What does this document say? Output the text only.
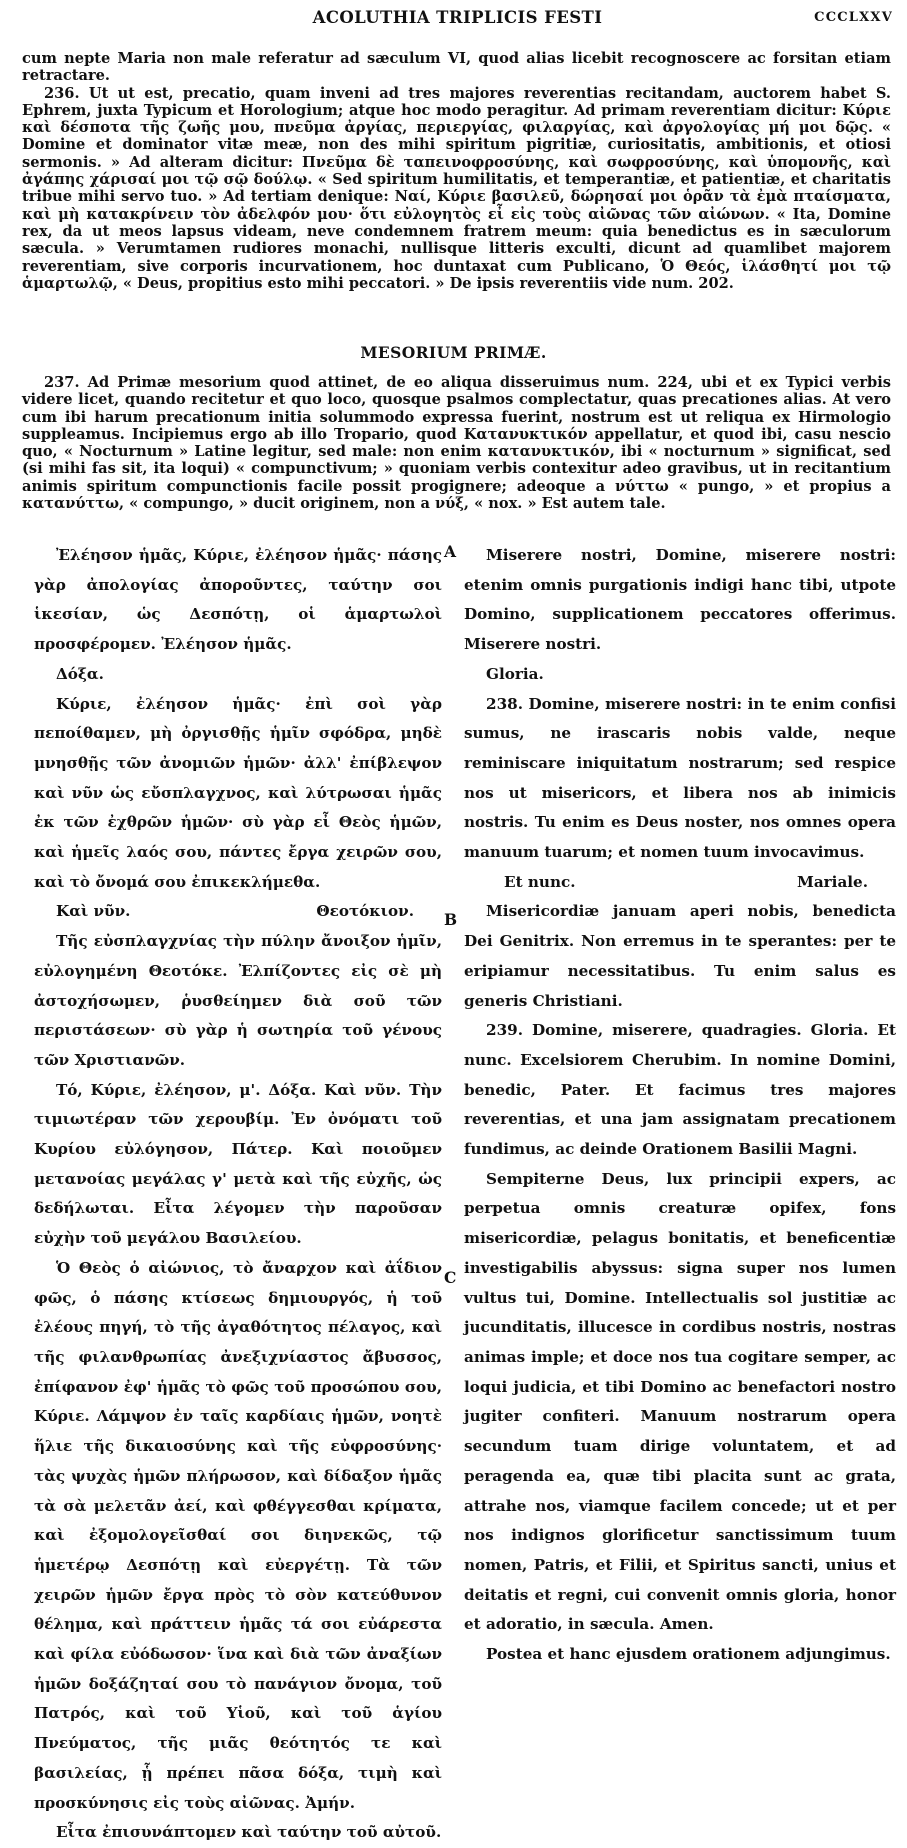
ACOLUTHIA TRIPLICIS FESTI	CCCLXXV

cum nepte Maria non male referatur ad sæculum VI, quod alias licebit recognoscere ac forsitan etiam retractare.

236. Ut ut est, precatio, quam inveni ad tres majores reverentias recitandam, auctorem habet S. Ephrem, juxta Typicum et Horologium; atque hoc modo peragitur. Ad primam reverentiam dicitur: Κύριε καὶ δέσποτα τῆς ζωῆς μου, πνεῦμα ἀργίας, περιεργίας, φιλαργίας, καὶ ἀργολογίας μή μοι δῷς. « Domine et dominator vitæ meæ, non des mihi spiritum pigritiæ, curiositatis, ambitionis, et otiosi sermonis. » Ad alteram dicitur: Πνεῦμα δὲ ταπεινοφροσύνης, καὶ σωφροσύνης, καὶ ὑπομονῆς, καὶ ἀγάπης χάρισαί μοι τῷ σῷ δούλῳ. « Sed spiritum humilitatis, et temperantiæ, et patientiæ, et charitatis tribue mihi servo tuo. » Ad tertiam denique: Ναί, Κύριε βασιλεῦ, δώρησαί μοι ὁρᾶν τὰ ἐμὰ πταίσματα, καὶ μὴ κατακρίνειν τὸν ἀδελφόν μου· ὅτι εὐλογητὸς εἶ εἰς τοὺς αἰῶνας τῶν αἰώνων. « Ita, Domine rex, da ut meos lapsus videam, neve condemnem fratrem meum: quia benedictus es in sæculorum sæcula. » Verumtamen rudiores monachi, nullisque litteris exculti, dicunt ad quamlibet majorem reverentiam, sive corporis incurvationem, hoc duntaxat cum Publicano, Ὁ Θεός, ἱλάσθητί μοι τῷ ἁμαρτωλῷ, « Deus, propitius esto mihi peccatori. » De ipsis reverentiis vide num. 202.

MESORIUM PRIMÆ.

237. Ad Primæ mesorium quod attinet, de eo aliqua disseruimus num. 224, ubi et ex Typici verbis videre licet, quando recitetur et quo loco, quosque psalmos complectatur, quas precationes alias. At vero cum ibi harum precationum initia solummodo expressa fuerint, nostrum est ut reliqua ex Hirmologio suppleamus. Incipiemus ergo ab illo Tropario, quod Κατανυκτικόν appellatur, et quod ibi, casu nescio quo, « Nocturnum » Latine legitur, sed male: non enim κατανυκτικόν, ibi « nocturnum » significat, sed (si mihi fas sit, ita loqui) « compunctivum; » quoniam verbis contexitur adeo gravibus, ut in recitantium animis spiritum compunctionis facile possit progignere; adeoque a νύττω « pungo, » et propius a κατανύττω, « compungo, » ducit originem, non a νύξ, « nox. » Est autem tale.

Ἐλέησον ἡμᾶς, Κύριε, ἐλέησον ἡμᾶς· πάσης γὰρ ἀπολογίας ἀποροῦντες, ταύτην σοι ἱκεσίαν, ὡς Δεσπότῃ, οἱ ἁμαρτωλοὶ προσφέρομεν. Ἐλέησον ἡμᾶς.

Δόξα.

Κύριε, ἐλέησον ἡμᾶς· ἐπὶ σοὶ γὰρ πεποίθαμεν, μὴ ὀργισθῇς ἡμῖν σφόδρα, μηδὲ μνησθῇς τῶν ἀνομιῶν ἡμῶν· ἀλλ' ἐπίβλεψον καὶ νῦν ὡς εὔσπλαγχνος, καὶ λύτρωσαι ἡμᾶς ἐκ τῶν ἐχθρῶν ἡμῶν· σὺ γὰρ εἶ Θεὸς ἡμῶν, καὶ ἡμεῖς λαός σου, πάντες ἔργα χειρῶν σου, καὶ τὸ ὄνομά σου ἐπικεκλήμεθα.

Καὶ νῦν.	Θεοτόκιον.

Τῆς εὐσπλαγχνίας τὴν πύλην ἄνοιξον ἡμῖν, εὐλογημένη Θεοτόκε. Ἐλπίζοντες εἰς σὲ μὴ ἀστοχήσωμεν, ῥυσθείημεν διὰ σοῦ τῶν περιστάσεων· σὺ γὰρ ἡ σωτηρία τοῦ γένους τῶν Χριστιανῶν.

Τό, Κύριε, ἐλέησον, μ'. Δόξα. Καὶ νῦν. Τὴν τιμιωτέραν τῶν χερουβίμ. Ἐν ὀνόματι τοῦ Κυρίου εὐλόγησον, Πάτερ. Καὶ ποιοῦμεν μετανοίας μεγάλας γ' μετὰ καὶ τῆς εὐχῆς, ὡς δεδήλωται. Εἶτα λέγομεν τὴν παροῦσαν εὐχὴν τοῦ μεγάλου Βασιλείου.

Ὁ Θεὸς ὁ αἰώνιος, τὸ ἄναρχον καὶ ἀΐδιον φῶς, ὁ πάσης κτίσεως δημιουργός, ἡ τοῦ ἐλέους πηγή, τὸ τῆς ἀγαθότητος πέλαγος, καὶ τῆς φιλανθρωπίας ἀνεξιχνίαστος ἄβυσσος, ἐπίφανον ἐφ' ἡμᾶς τὸ φῶς τοῦ προσώπου σου, Κύριε. Λάμψον ἐν ταῖς καρδίαις ἡμῶν, νοητὲ ἥλιε τῆς δικαιοσύνης καὶ τῆς εὐφροσύνης· τὰς ψυχὰς ἡμῶν πλήρωσον, καὶ δίδαξον ἡμᾶς τὰ σὰ μελετᾶν ἀεί, καὶ φθέγγεσθαι κρίματα, καὶ ἐξομολογεῖσθαί σοι διηνεκῶς, τῷ ἡμετέρῳ Δεσπότῃ καὶ εὐεργέτῃ. Τὰ τῶν χειρῶν ἡμῶν ἔργα πρὸς τὸ σὸν κατεύθυνον θέλημα, καὶ πράττειν ἡμᾶς τά σοι εὐάρεστα καὶ φίλα εὐόδωσον· ἵνα καὶ διὰ τῶν ἀναξίων ἡμῶν δοξάζηταί σου τὸ πανάγιον ὄνομα, τοῦ Πατρός, καὶ τοῦ Υἱοῦ, καὶ τοῦ ἁγίου Πνεύματος, τῆς μιᾶς θεότητός τε καὶ βασιλείας, ᾗ πρέπει πᾶσα δόξα, τιμὴ καὶ προσκύνησις εἰς τοὺς αἰῶνας. Ἀμήν.

Εἶτα ἐπισυνάπτομεν καὶ ταύτην τοῦ αὐτοῦ.

A
B
C

Miserere nostri, Domine, miserere nostri: etenim omnis purgationis indigi hanc tibi, utpote Domino, supplicationem peccatores offerimus. Miserere nostri.

Gloria.

238. Domine, miserere nostri: in te enim confisi sumus, ne irascaris nobis valde, neque reminiscare iniquitatum nostrarum; sed respice nos ut misericors, et libera nos ab inimicis nostris. Tu enim es Deus noster, nos omnes opera manuum tuarum; et nomen tuum invocavimus.

Et nunc.	Mariale.

Misericordiæ januam aperi nobis, benedicta Dei Genitrix. Non erremus in te sperantes: per te eripiamur necessitatibus. Tu enim salus es generis Christiani.

239. Domine, miserere, quadragies. Gloria. Et nunc. Excelsiorem Cherubim. In nomine Domini, benedic, Pater. Et facimus tres majores reverentias, et una jam assignatam precationem fundimus, ac deinde Orationem Basilii Magni.

Sempiterne Deus, lux principii expers, ac perpetua omnis creaturæ opifex, fons misericordiæ, pelagus bonitatis, et beneficentiæ investigabilis abyssus: signa super nos lumen vultus tui, Domine. Intellectualis sol justitiæ ac jucunditatis, illucesce in cordibus nostris, nostras animas imple; et doce nos tua cogitare semper, ac loqui judicia, et tibi Domino ac benefactori nostro jugiter confiteri. Manuum nostrarum opera secundum tuam dirige voluntatem, et ad peragenda ea, quæ tibi placita sunt ac grata, attrahe nos, viamque facilem concede; ut et per nos indignos glorificetur sanctissimum tuum nomen, Patris, et Filii, et Spiritus sancti, unius et deitatis et regni, cui convenit omnis gloria, honor et adoratio, in sæcula. Amen.

Postea et hanc ejusdem orationem adjungimus.
